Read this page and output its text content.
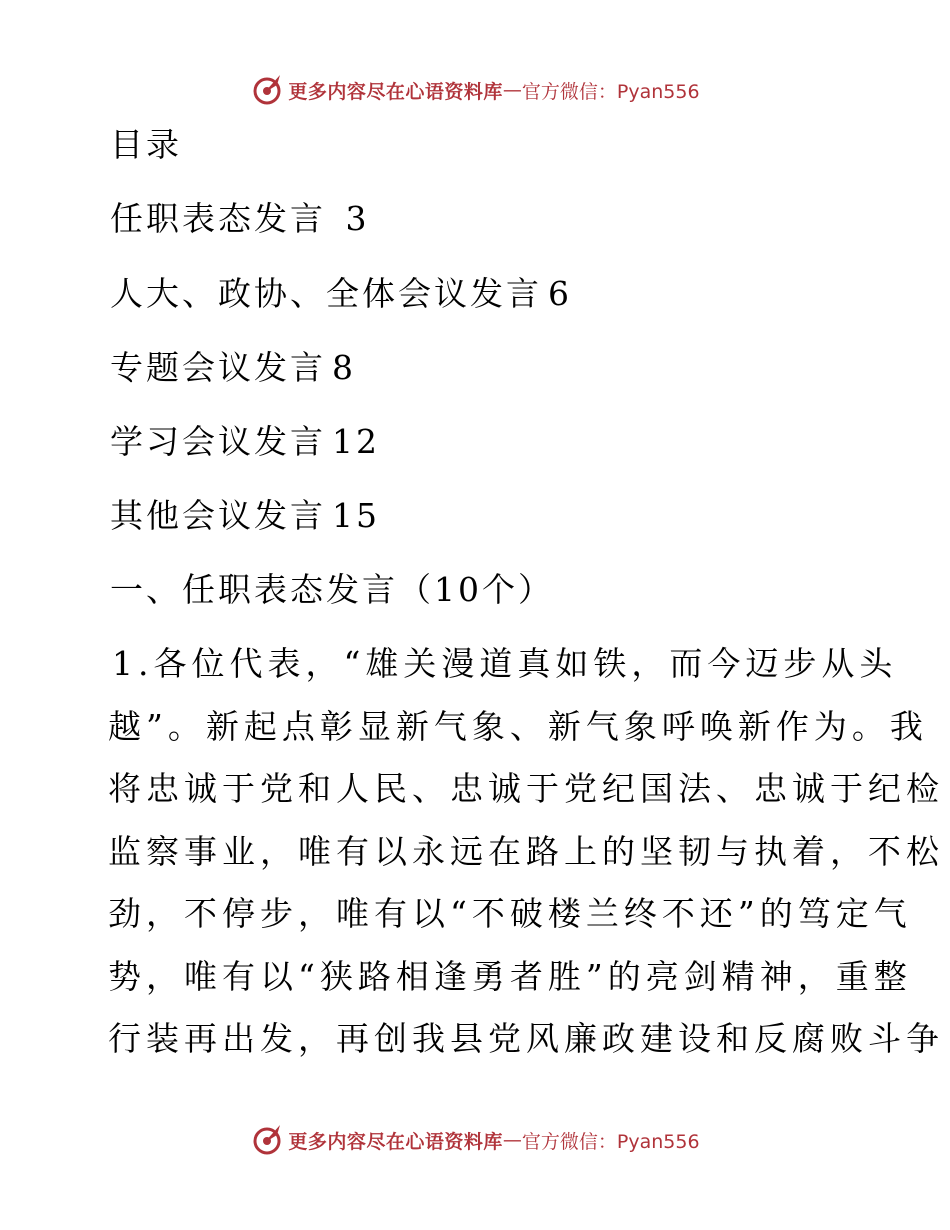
更多内容尽在心语资料库 — 官方微信：Pyan556
目录
任职表态发言 3
人大、政协、全体会议发言 6
专题会议发言 8
学习会议发言 12
其他会议发言 15
一、任职表态发言（10个）
1.各位代表，“雄关漫道真如铁，而今迈步从头
越”。新起点彰显新气象、新气象呼唤新作为。我
将忠诚于党和人民、忠诚于党纪国法、忠诚于纪检
监察事业，唯有以永远在路上的坚韧与执着，不松
劲，不停步，唯有以“不破楼兰终不还”的笃定气
势，唯有以“狭路相逢勇者胜”的亮剑精神，重整
行装再出发，再创我县党风廉政建设和反腐败斗争
更多内容尽在心语资料库 — 官方微信：Pyan556
